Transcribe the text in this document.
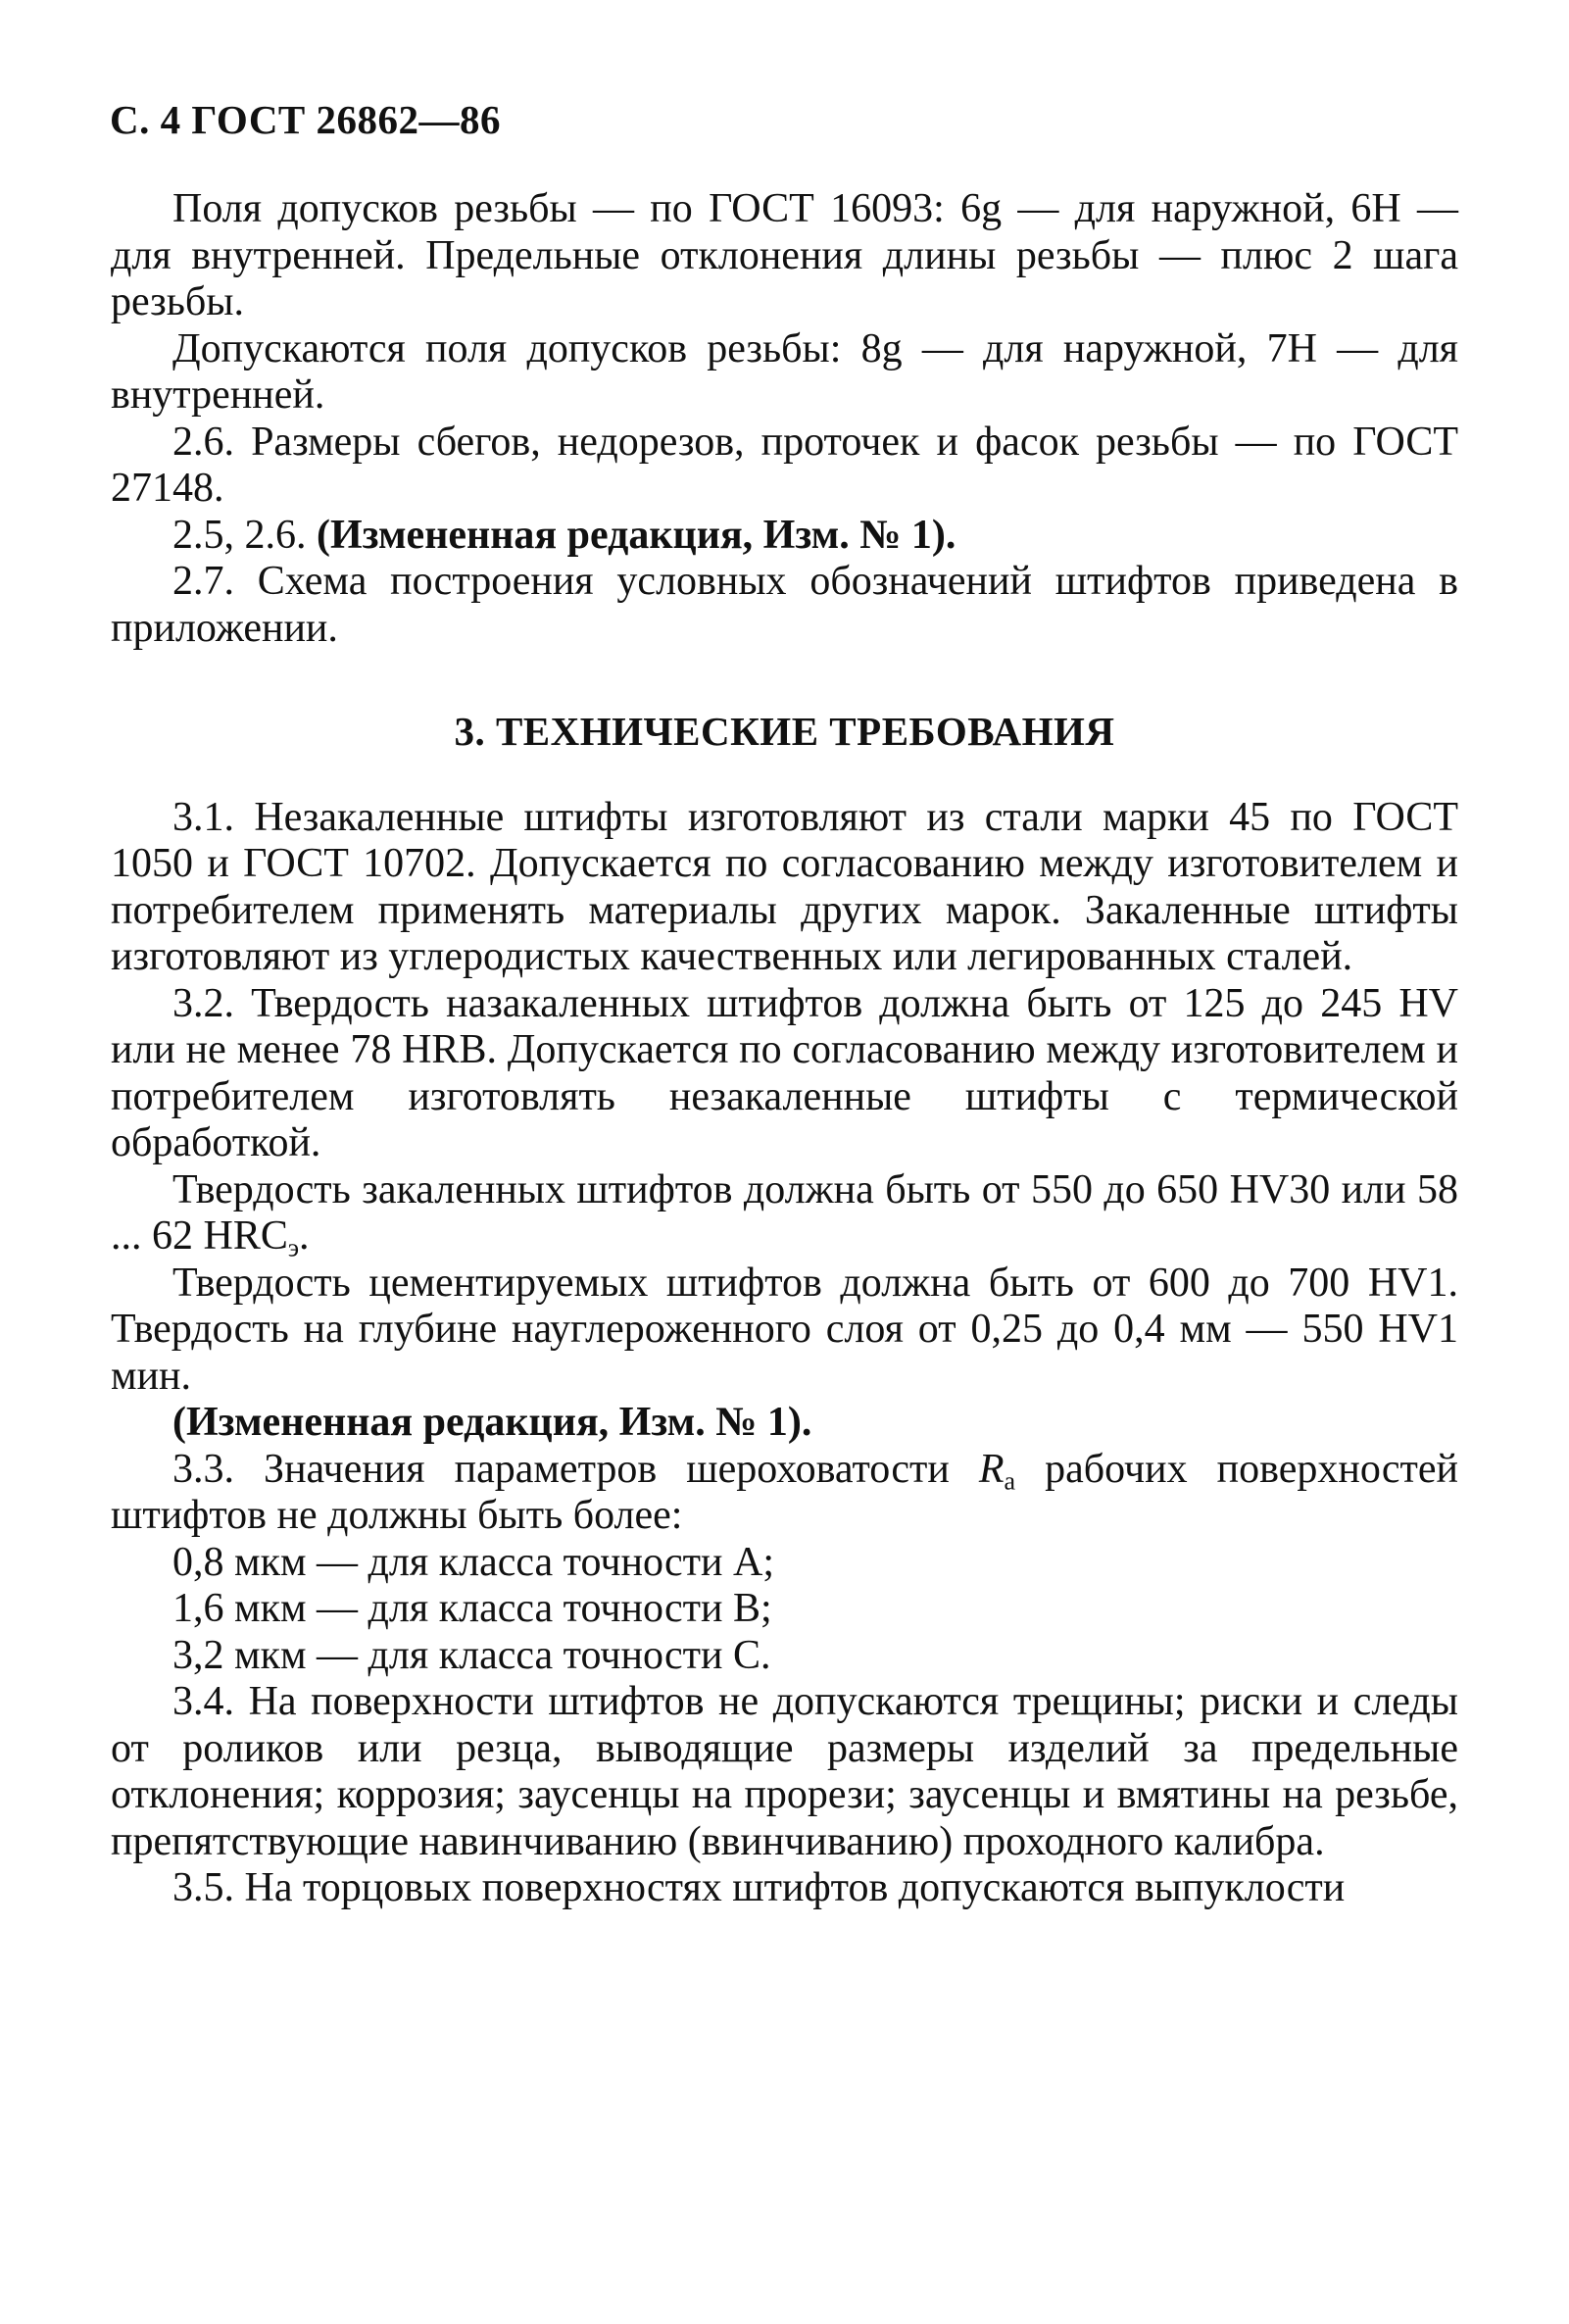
С. 4 ГОСТ 26862—86

Поля допусков резьбы — по ГОСТ 16093: 6g — для наружной, 6Н — для внутренней. Предельные отклонения длины резьбы — плюс 2 шага резьбы.

Допускаются поля допусков резьбы: 8g — для наружной, 7Н — для внутренней.

2.6. Размеры сбегов, недорезов, проточек и фасок резьбы — по ГОСТ 27148.

2.5, 2.6. (Измененная редакция, Изм. № 1).

2.7. Схема построения условных обозначений штифтов приведена в приложении.

3. ТЕХНИЧЕСКИЕ ТРЕБОВАНИЯ

3.1. Незакаленные штифты изготовляют из стали марки 45 по ГОСТ 1050 и ГОСТ 10702. Допускается по согласованию между изготовителем и потребителем применять материалы других марок. Закаленные штифты изготовляют из углеродистых качественных или легированных сталей.

3.2. Твердость назакаленных штифтов должна быть от 125 до 245 HV или не менее 78 HRB. Допускается по согласованию между изготовителем и потребителем изготовлять незакаленные штифты с термической обработкой.

Твердость закаленных штифтов должна быть от 550 до 650 HV30 или 58 ... 62 $HRC_э$.

Твердость цементируемых штифтов должна быть от 600 до 700 HV1. Твердость на глубине науглероженного слоя от 0,25 до 0,4 мм — 550 HV1 мин.

(Измененная редакция, Изм. № 1).

3.3. Значения параметров шероховатости $R_a$ рабочих поверхностей штифтов не должны быть более:

0,8 мкм — для класса точности А;

1,6 мкм — для класса точности В;

3,2 мкм — для класса точности С.

3.4. На поверхности штифтов не допускаются трещины; риски и следы от роликов или резца, выводящие размеры изделий за предельные отклонения; коррозия; заусенцы на прорези; заусенцы и вмятины на резьбе, препятствующие навинчиванию (ввинчиванию) проходного калибра.

3.5. На торцовых поверхностях штифтов допускаются выпуклости
